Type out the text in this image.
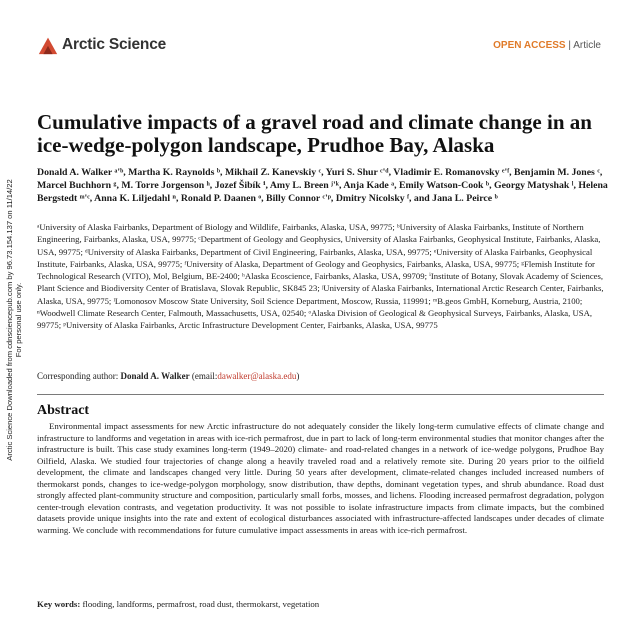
Arctic Science Downloaded from cdnsciencepub.com by 96.73.154.137 on 11/14/22 For personal use only.
Arctic Science	OPEN ACCESS | Article
Cumulative impacts of a gravel road and climate change in an ice-wedge-polygon landscape, Prudhoe Bay, Alaska
Donald A. Walker ᵃ'ᵇ, Martha K. Raynolds ᵇ, Mikhail Z. Kanevskiy ᶜ, Yuri S. Shur ᶜ'ᵈ, Vladimir E. Romanovsky ᵉ'ᶠ, Benjamin M. Jones ᶜ, Marcel Buchhorn ᵍ, M. Torre Jorgenson ʰ, Jozef Šibík ⁱ, Amy L. Breen ʲ'ᵏ, Anja Kade ᵃ, Emily Watson-Cook ᵇ, Georgy Matyshak ˡ, Helena Bergstedt ᵐ'ᶜ, Anna K. Liljedahl ⁿ, Ronald P. Daanen ᵒ, Billy Connor ᶜ'ᵖ, Dmitry Nicolsky ᶠ, and Jana L. Peirce ᵇ
ᵃUniversity of Alaska Fairbanks, Department of Biology and Wildlife, Fairbanks, Alaska, USA, 99775; ᵇUniversity of Alaska Fairbanks, Institute of Northern Engineering, Fairbanks, Alaska, USA, 99775; ᶜDepartment of Geology and Geophysics, University of Alaska Fairbanks, Geophysical Institute, Fairbanks, Alaska, USA, 99775; ᵈUniversity of Alaska Fairbanks, Department of Civil Engineering, Fairbanks, Alaska, USA, 99775; ᵉUniversity of Alaska Fairbanks, Geophysical Institute, Fairbanks, Alaska, USA, 99775; ᶠUniversity of Alaska, Department of Geology and Geophysics, Fairbanks, Alaska, USA, 99775; ᵍFlemish Institute for Technological Research (VITO), Mol, Belgium, BE-2400; ʰAlaska Ecoscience, Fairbanks, Alaska, USA, 99709; ⁱInstitute of Botany, Slovak Academy of Sciences, Plant Science and Biodiversity Center of Bratislava, Slovak Republic, SK845 23; ʲUniversity of Alaska Fairbanks, International Arctic Research Center, Fairbanks, Alaska, USA, 99775; ˡLomonosov Moscow State University, Soil Science Department, Moscow, Russia, 119991; ᵐB.geos GmbH, Korneburg, Austria, 2100; ⁿWoodwell Climate Research Center, Falmouth, Massachusetts, USA, 02540; ᵒAlaska Division of Geological & Geophysical Surveys, Fairbanks, Alaska, USA, 99775; ᵖUniversity of Alaska Fairbanks, Arctic Infrastructure Development Center, Fairbanks, Alaska, USA, 99775
Corresponding author: Donald A. Walker (email:dawalker@alaska.edu)
Abstract
Environmental impact assessments for new Arctic infrastructure do not adequately consider the likely long-term cumulative effects of climate change and infrastructure to landforms and vegetation in areas with ice-rich permafrost, due in part to lack of long-term environmental studies that monitor changes after the infrastructure is built. This case study examines long-term (1949–2020) climate- and road-related changes in a network of ice-wedge polygons, Prudhoe Bay Oilfield, Alaska. We studied four trajectories of change along a heavily traveled road and a relatively remote site. During 20 years prior to the oilfield development, the climate and landscapes changed very little. During 50 years after development, climate-related changes included increased numbers of thermokarst ponds, changes to ice-wedge-polygon morphology, snow distribution, thaw depths, dominant vegetation types, and shrub abundance. Road dust strongly affected plant-community structure and composition, particularly small forbs, mosses, and lichens. Flooding increased permafrost degradation, polygon center-trough elevation contrasts, and vegetation productivity. It was not possible to isolate infrastructure impacts from climate impacts, but the combined datasets provide unique insights into the rate and extent of ecological disturbances associated with infrastructure-affected landscapes under decades of climate warming. We conclude with recommendations for future cumulative impact assessments in areas with ice-rich permafrost.
Key words: flooding, landforms, permafrost, road dust, thermokarst, vegetation
